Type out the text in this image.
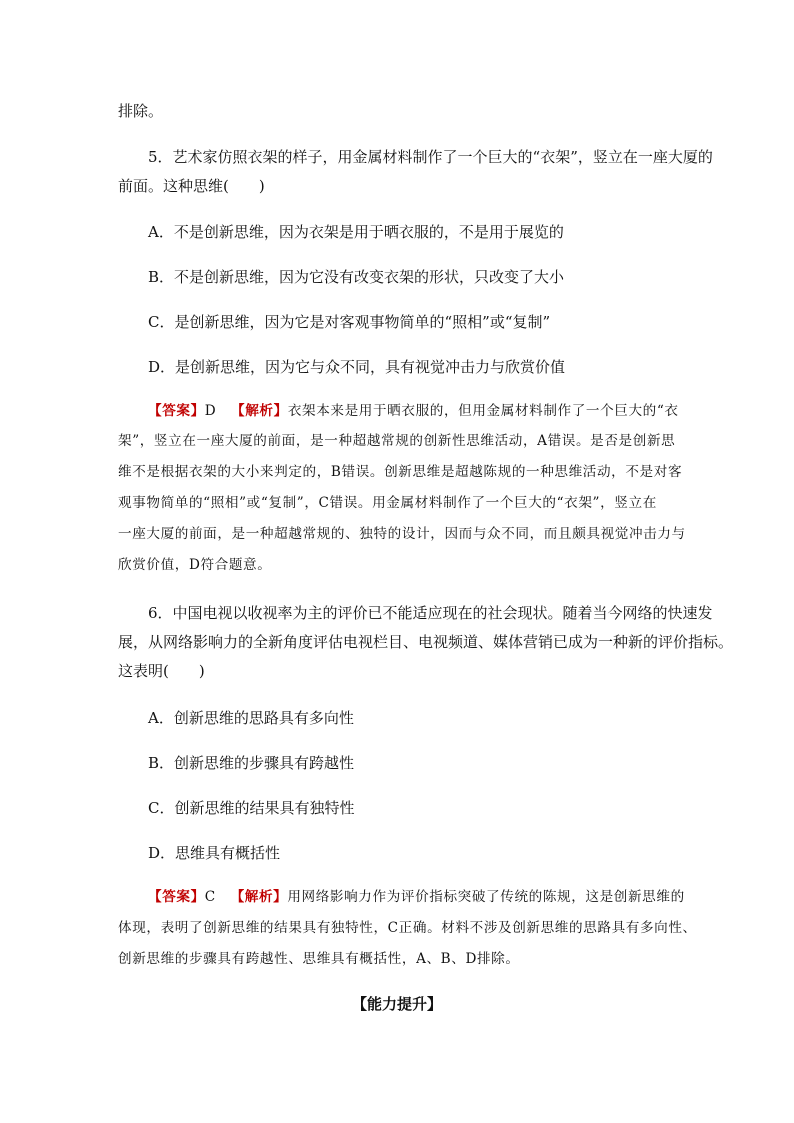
排除。
5．艺术家仿照衣架的样子，用金属材料制作了一个巨大的“衣架”，竖立在一座大厦的
前面。这种思维(　　)
A．不是创新思维，因为衣架是用于晒衣服的，不是用于展览的
B．不是创新思维，因为它没有改变衣架的形状，只改变了大小
C．是创新思维，因为它是对客观事物简单的“照相”或“复制”
D．是创新思维，因为它与众不同，具有视觉冲击力与欣赏价值
【答案】D 【解析】衣架本来是用于晒衣服的，但用金属材料制作了一个巨大的“衣
架”，竖立在一座大厦的前面，是一种超越常规的创新性思维活动，A错误。是否是创新思
维不是根据衣架的大小来判定的，B错误。创新思维是超越陈规的一种思维活动，不是对客
观事物简单的“照相”或“复制”，C错误。用金属材料制作了一个巨大的“衣架”，竖立在
一座大厦的前面，是一种超越常规的、独特的设计，因而与众不同，而且颇具视觉冲击力与
欣赏价值，D符合题意。
6．中国电视以收视率为主的评价已不能适应现在的社会现状。随着当今网络的快速发
展，从网络影响力的全新角度评估电视栏目、电视频道、媒体营销已成为一种新的评价指标。
这表明(　　)
A．创新思维的思路具有多向性
B．创新思维的步骤具有跨越性
C．创新思维的结果具有独特性
D．思维具有概括性
【答案】C 【解析】用网络影响力作为评价指标突破了传统的陈规，这是创新思维的
体现，表明了创新思维的结果具有独特性，C正确。材料不涉及创新思维的思路具有多向性、
创新思维的步骤具有跨越性、思维具有概括性，A、B、D排除。
【能力提升】
